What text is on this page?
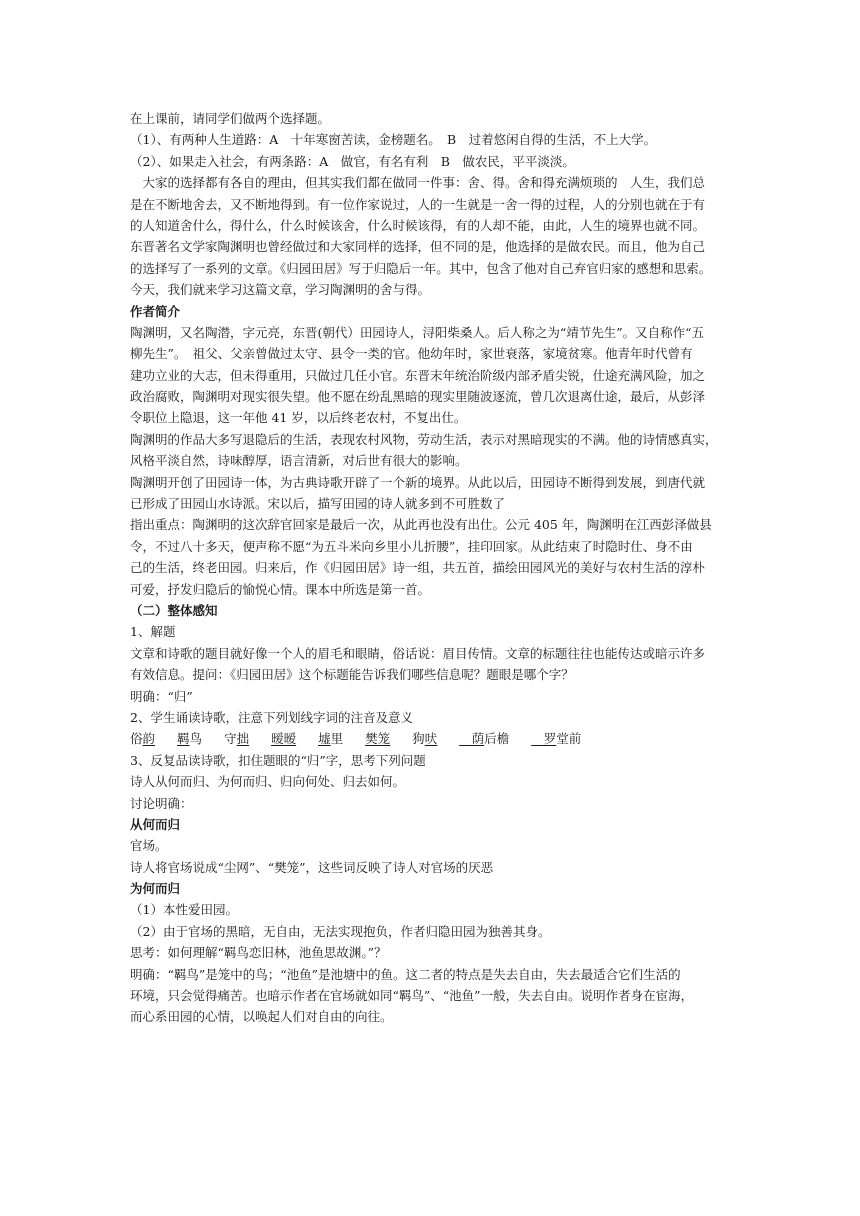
在上课前，请同学们做两个选择题。
（1）、有两种人生道路：A　十年寒窗苦读，金榜题名。　B　过着悠闲自得的生活，不上大学。
（2）、如果走入社会，有两条路：A　做官，有名有利　B　做农民，平平淡淡。
　大家的选择都有各自的理由，但其实我们都在做同一件事：舍、得。舍和得充满烦琐的　人生，我们总
是在不断地舍去，又不断地得到。有一位作家说过，人的一生就是一舍一得的过程，人的分别也就在于有
的人知道舍什么，得什么，什么时候该舍，什么时候该得，有的人却不能，由此，人生的境界也就不同。
东晋著名文学家陶渊明也曾经做过和大家同样的选择，但不同的是，他选择的是做农民。而且，他为自己
的选择写了一系列的文章。《归园田居》写于归隐后一年。其中，包含了他对自己弃官归家的感想和思索。
今天，我们就来学习这篇文章，学习陶渊明的舍与得。
作者简介
陶渊明，又名陶潜，字元亮，东晋(朝代）田园诗人，浔阳柴桑人。后人称之为“靖节先生”。又自称作“五
柳先生”。　祖父、父亲曾做过太守、县令一类的官。他幼年时，家世衰落，家境贫寒。他青年时代曾有
建功立业的大志，但未得重用，只做过几任小官。东晋末年统治阶级内部矛盾尖锐，仕途充满风险，加之
政治腐败，陶渊明对现实很失望。他不愿在纷乱黑暗的现实里随波逐流，曾几次退离仕途，最后，从彭泽
令职位上隐退，这一年他 41 岁，以后终老农村，不复出仕。
陶渊明的作品大多写退隐后的生活，表现农村风物，劳动生活，表示对黑暗现实的不满。他的诗情感真实，
风格平淡自然，诗味醇厚，语言清新，对后世有很大的影响。
陶渊明开创了田园诗一体，为古典诗歌开辟了一个新的境界。从此以后，田园诗不断得到发展，到唐代就
已形成了田园山水诗派。宋以后，描写田园的诗人就多到不可胜数了
指出重点：陶渊明的这次辞官回家是最后一次，从此再也没有出仕。公元 405 年，陶渊明在江西彭泽做县
令，不过八十多天，便声称不愿“为五斗米向乡里小儿折腰”，挂印回家。从此结束了时隐时仕、身不由
己的生活，终老田园。归来后，作《归园田居》诗一组，共五首，描绘田园风光的美好与农村生活的淳朴
可爱，抒发归隐后的愉悦心情。课本中所选是第一首。
（二）整体感知
1、解题
文章和诗歌的题目就好像一个人的眉毛和眼睛，俗话说：眉目传情。文章的标题往往也能传达或暗示许多
有效信息。提问：《归园田居》这个标题能告诉我们哪些信息呢？题眼是哪个字？
明确：“归”
2、学生诵读诗歌，注意下列划线字词的注音及意义
俗韵 羁鸟 守拙 暧暧 墟里 樊笼 狗吠　荫后檐　罗堂前
3、反复品读诗歌，扣住题眼的“归”字，思考下列问题
诗人从何而归、为何而归、归向何处、归去如何。
讨论明确：
从何而归
官场。
诗人将官场说成“尘网”、“樊笼”，这些词反映了诗人对官场的厌恶
为何而归
（1）本性爱田园。
（2）由于官场的黑暗，无自由，无法实现抱负，作者归隐田园为独善其身。
思考：如何理解“羁鸟恋旧林，池鱼思故渊。”？
明确：“羁鸟”是笼中的鸟；“池鱼”是池塘中的鱼。这二者的特点是失去自由，失去最适合它们生活的
环境，只会觉得痛苦。也暗示作者在官场就如同“羁鸟”、“池鱼”一般，失去自由。说明作者身在宦海，
而心系田园的心情，以唤起人们对自由的向往。
